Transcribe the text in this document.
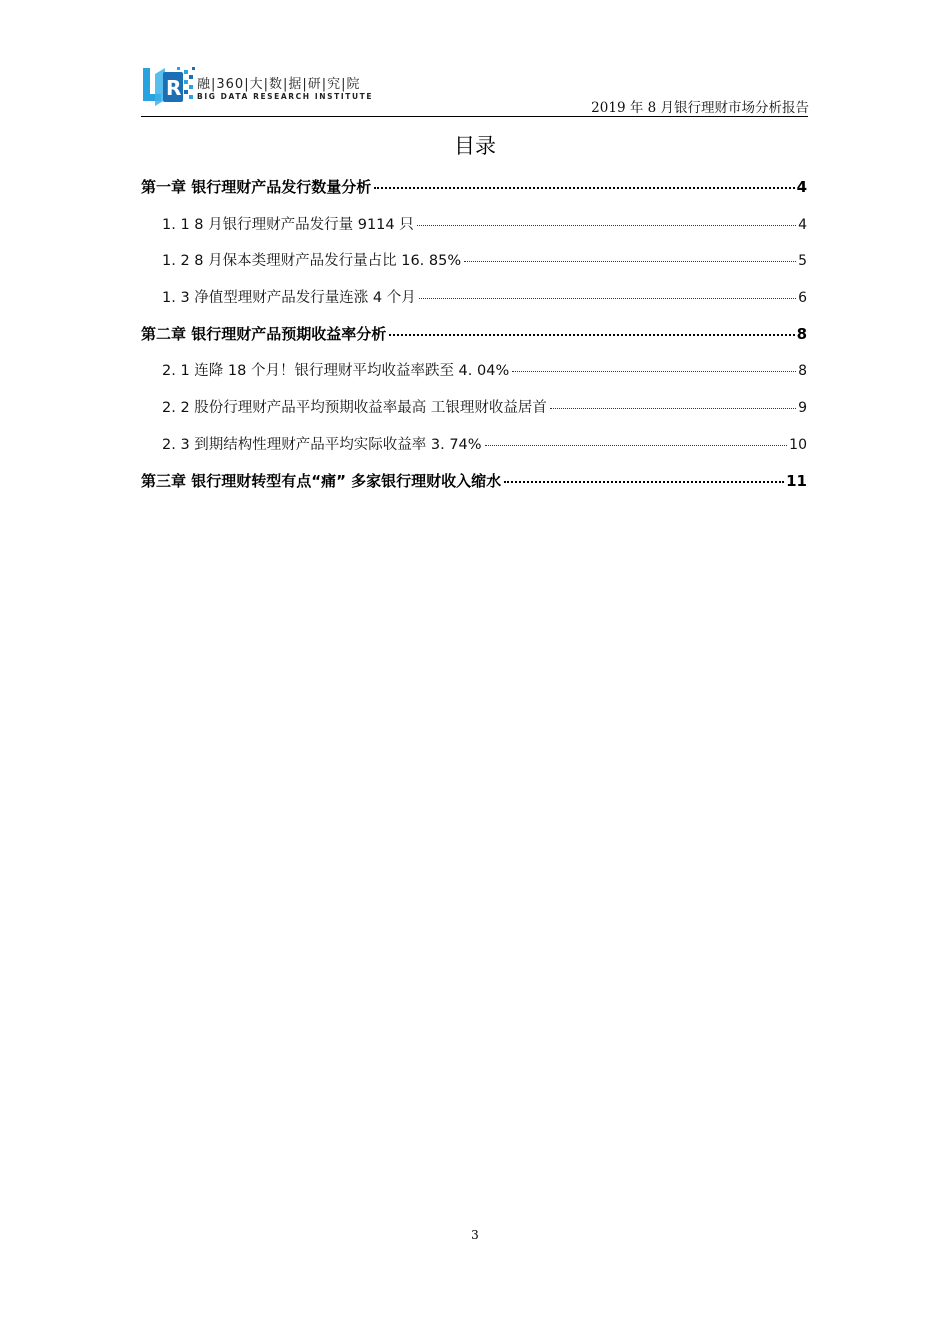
R 融|360|大|数|据|研|究|院
BIG DATA RESEARCH INSTITUTE
2019 年 8 月银行理财市场分析报告
目录
第一章 银行理财产品发行数量分析	4
1. 1 8 月银行理财产品发行量 9114 只	4
1. 2 8 月保本类理财产品发行量占比 16. 85%	5
1. 3 净值型理财产品发行量连涨 4 个月	6
第二章 银行理财产品预期收益率分析	8
2. 1 连降 18 个月！银行理财平均收益率跌至 4. 04%	8
2. 2 股份行理财产品平均预期收益率最高 工银理财收益居首	9
2. 3 到期结构性理财产品平均实际收益率 3. 74%	10
第三章 银行理财转型有点“痛” 多家银行理财收入缩水	11
3
